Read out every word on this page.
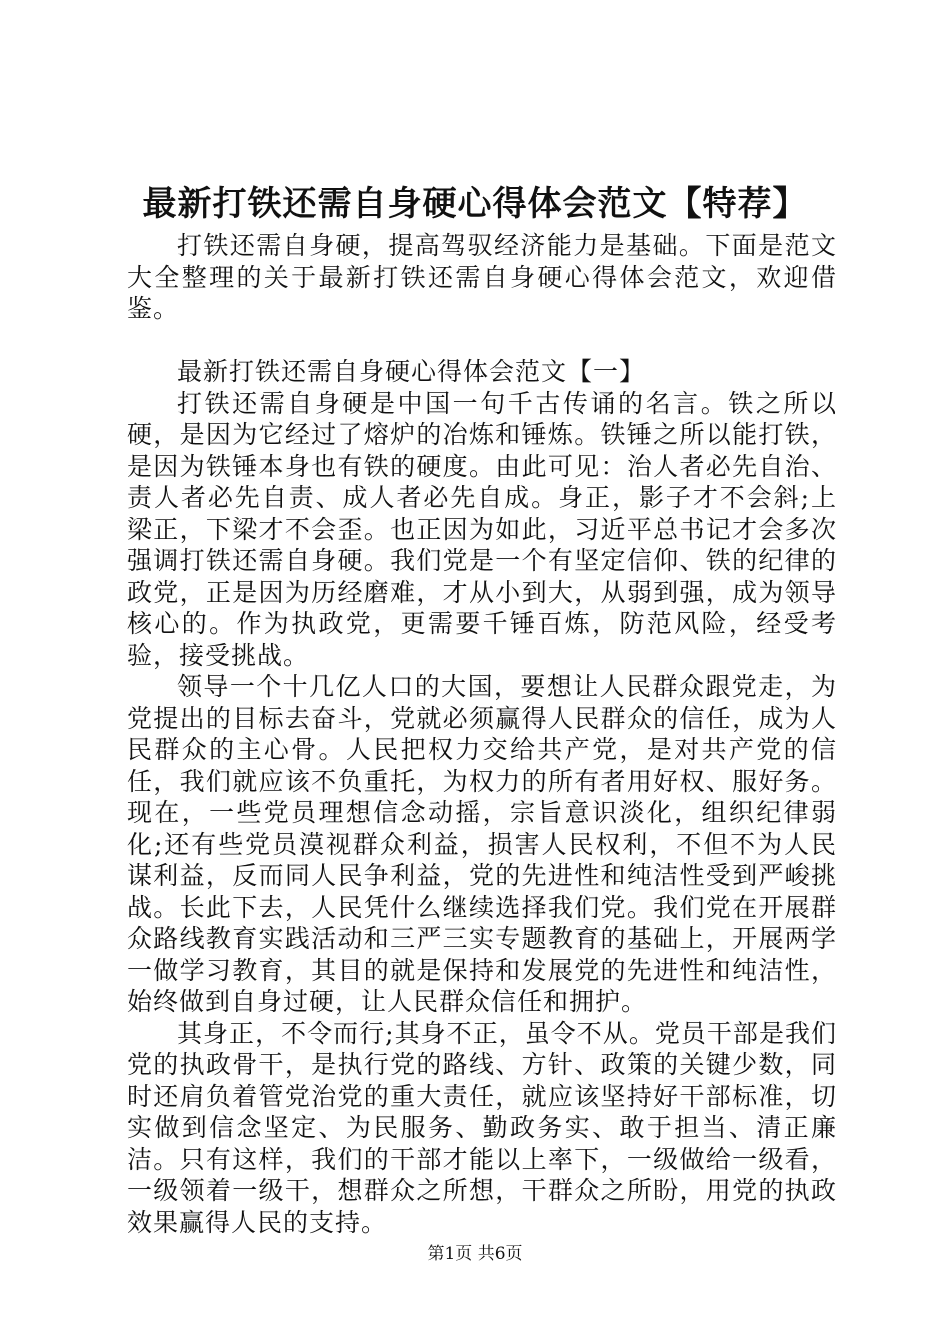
最新打铁还需自身硬心得体会范文【特荐】

打铁还需自身硬，提高驾驭经济能力是基础。下面是范文大全整理的关于最新打铁还需自身硬心得体会范文，欢迎借鉴。

最新打铁还需自身硬心得体会范文【一】

打铁还需自身硬是中国一句千古传诵的名言。铁之所以硬，是因为它经过了熔炉的冶炼和锤炼。铁锤之所以能打铁，是因为铁锤本身也有铁的硬度。由此可见：治人者必先自治、责人者必先自责、成人者必先自成。身正，影子才不会斜;上梁正，下梁才不会歪。也正因为如此，习近平总书记才会多次强调打铁还需自身硬。我们党是一个有坚定信仰、铁的纪律的政党，正是因为历经磨难，才从小到大，从弱到强，成为领导核心的。作为执政党，更需要千锤百炼，防范风险，经受考验，接受挑战。

领导一个十几亿人口的大国，要想让人民群众跟党走，为党提出的目标去奋斗，党就必须赢得人民群众的信任，成为人民群众的主心骨。人民把权力交给共产党，是对共产党的信任，我们就应该不负重托，为权力的所有者用好权、服好务。现在，一些党员理想信念动摇，宗旨意识淡化，组织纪律弱化;还有些党员漠视群众利益，损害人民权利，不但不为人民谋利益，反而同人民争利益，党的先进性和纯洁性受到严峻挑战。长此下去，人民凭什么继续选择我们党。我们党在开展群众路线教育实践活动和三严三实专题教育的基础上，开展两学一做学习教育，其目的就是保持和发展党的先进性和纯洁性，始终做到自身过硬，让人民群众信任和拥护。

其身正，不令而行;其身不正，虽令不从。党员干部是我们党的执政骨干，是执行党的路线、方针、政策的关键少数，同时还肩负着管党治党的重大责任，就应该坚持好干部标准，切实做到信念坚定、为民服务、勤政务实、敢于担当、清正廉洁。只有这样，我们的干部才能以上率下，一级做给一级看，一级领着一级干，想群众之所想，干群众之所盼，用党的执政效果赢得人民的支持。

第1页 共6页
